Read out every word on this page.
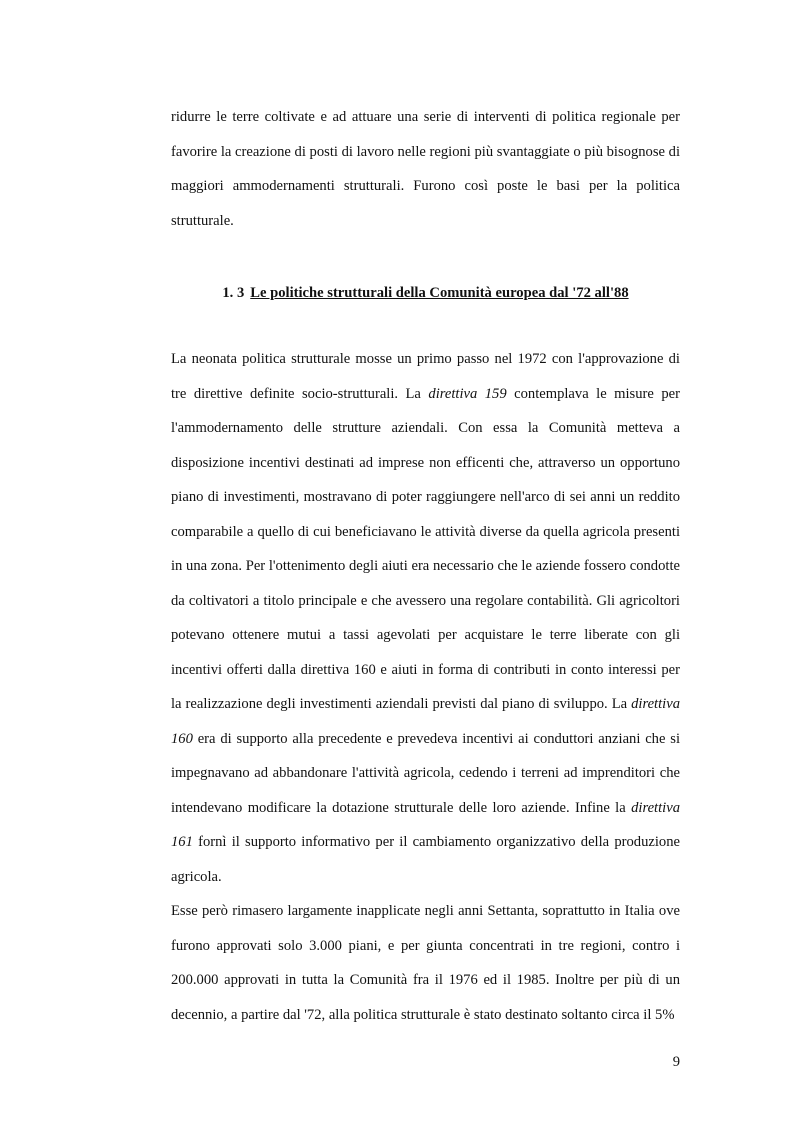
ridurre le terre coltivate e ad attuare una serie di interventi di politica regionale per favorire la creazione di posti di lavoro nelle regioni più svantaggiate o più bisognose di maggiori ammodernamenti strutturali. Furono così poste le basi per la politica strutturale.

1. 3 Le politiche strutturali della Comunità europea dal '72 all'88

La neonata politica strutturale mosse un primo passo nel 1972 con l'approvazione di tre direttive definite socio-strutturali. La direttiva 159 contemplava le misure per l'ammodernamento delle strutture aziendali. Con essa la Comunità metteva a disposizione incentivi destinati ad imprese non efficenti che, attraverso un opportuno piano di investimenti, mostravano di poter raggiungere nell'arco di sei anni un reddito comparabile a quello di cui beneficiavano le attività diverse da quella agricola presenti in una zona. Per l'ottenimento degli aiuti era necessario che le aziende fossero condotte da coltivatori a titolo principale e che avessero una regolare contabilità. Gli agricoltori potevano ottenere mutui a tassi agevolati per acquistare le terre liberate con gli incentivi offerti dalla direttiva 160 e aiuti in forma di contributi in conto interessi per la realizzazione degli investimenti aziendali previsti dal piano di sviluppo. La direttiva 160 era di supporto alla precedente e prevedeva incentivi ai conduttori anziani che si impegnavano ad abbandonare l'attività agricola, cedendo i terreni ad imprenditori che intendevano modificare la dotazione strutturale delle loro aziende. Infine la direttiva 161 fornì il supporto informativo per il cambiamento organizzativo della produzione agricola.

Esse però rimasero largamente inapplicate negli anni Settanta, soprattutto in Italia ove furono approvati solo 3.000 piani, e per giunta concentrati in tre regioni, contro i 200.000 approvati in tutta la Comunità fra il 1976 ed il 1985. Inoltre per più di un decennio, a partire dal '72, alla politica strutturale è stato destinato soltanto circa il 5%

9
